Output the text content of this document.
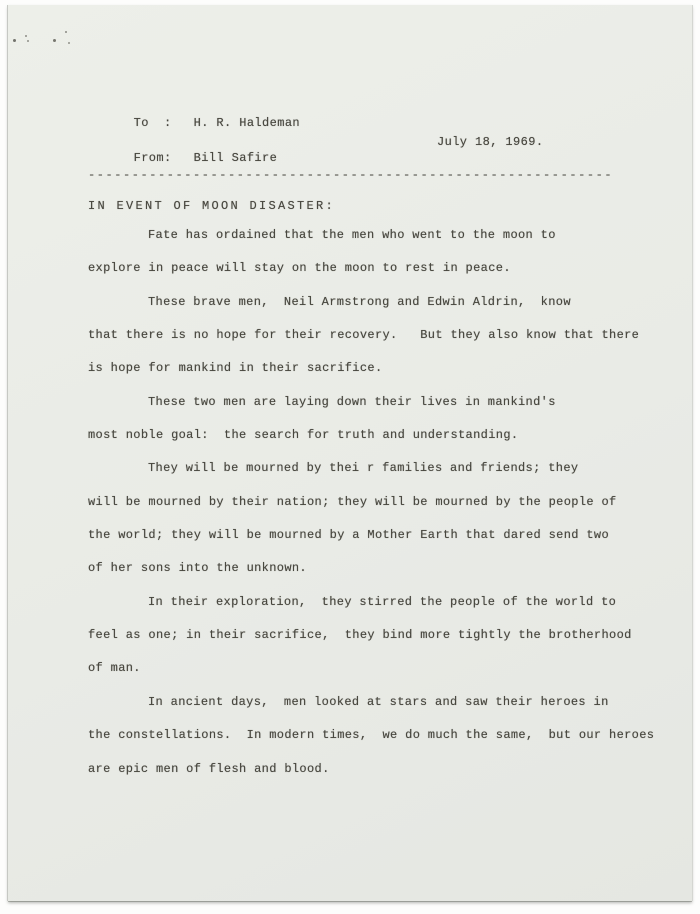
To  : H. R. Haldeman

From: Bill Safire

July 18, 1969.

------------------------------------------------------------
IN EVENT OF MOON DISASTER:
Fate has ordained that the men who went to the moon to
explore in peace will stay on the moon to rest in peace.
These brave men,  Neil Armstrong and Edwin Aldrin,  know
that there is no hope for their recovery.   But they also know that there
is hope for mankind in their sacrifice.
These two men are laying down their lives in mankind's
most noble goal:  the search for truth and understanding.
They will be mourned by thei r families and friends; they
will be mourned by their nation; they will be mourned by the people of
the world; they will be mourned by a Mother Earth that dared send two
of her sons into the unknown.
In their exploration,  they stirred the people of the world to
feel as one; in their sacrifice,  they bind more tightly the brotherhood
of man.
In ancient days,  men looked at stars and saw their heroes in
the constellations.  In modern times,  we do much the same,  but our heroes
are epic men of flesh and blood.
